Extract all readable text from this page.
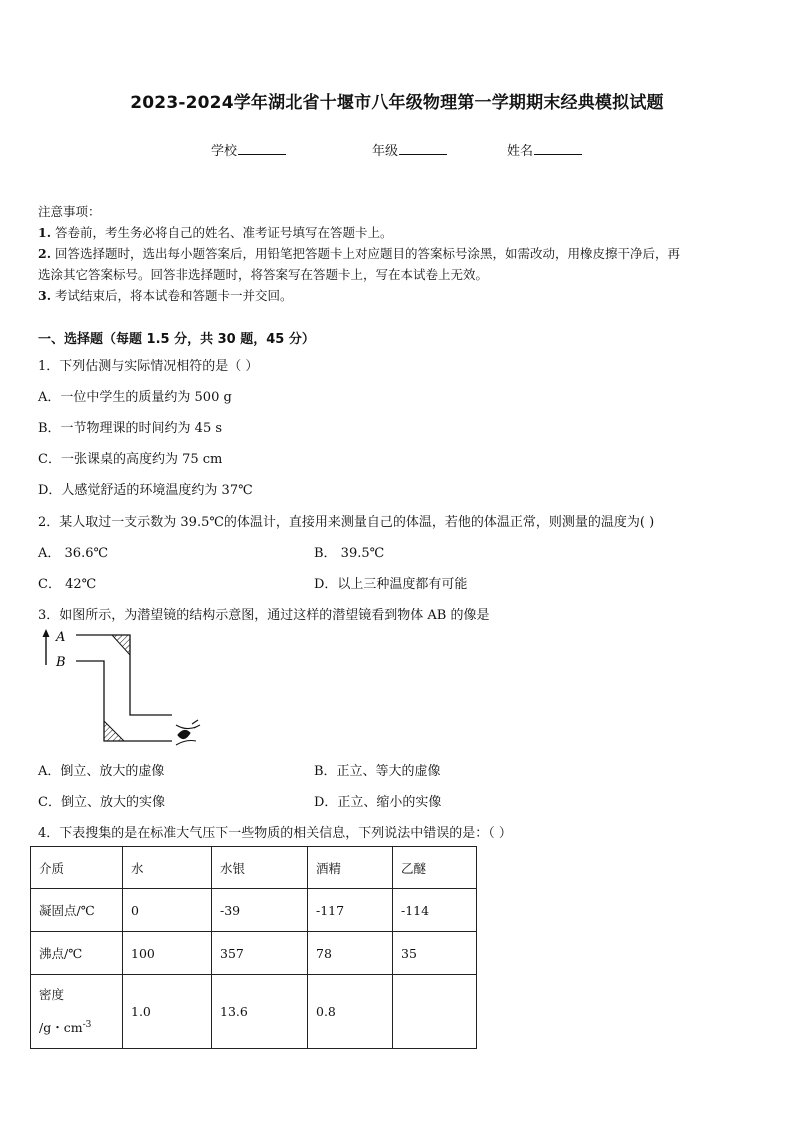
2023-2024学年湖北省十堰市八年级物理第一学期期末经典模拟试题
学校	年级	姓名
注意事项：
1. 答卷前，考生务必将自己的姓名、准考证号填写在答题卡上。
2. 回答选择题时，选出每小题答案后，用铅笔把答题卡上对应题目的答案标号涂黑，如需改动，用橡皮擦干净后，再
选涂其它答案标号。回答非选择题时，将答案写在答题卡上，写在本试卷上无效。
3. 考试结束后，将本试卷和答题卡一并交回。
一、选择题（每题 1.5 分，共 30 题，45 分）
1．下列估测与实际情况相符的是（ ）
A．一位中学生的质量约为 500 g
B．一节物理课的时间约为 45 s
C．一张课桌的高度约为 75 cm
D．人感觉舒适的环境温度约为 37℃
2．某人取过一支示数为 39.5℃的体温计，直接用来测量自己的体温，若他的体温正常，则测量的温度为( )
A． 36.6℃	B． 39.5℃
C． 42℃	D．以上三种温度都有可能
3．如图所示，为潜望镜的结构示意图，通过这样的潜望镜看到物体 AB 的像是
A
B
A．倒立、放大的虚像	B．正立、等大的虚像
C．倒立、放大的实像	D．正立、缩小的实像
4．下表搜集的是在标准大气压下一些物质的相关信息，下列说法中错误的是：（ ）
介质	水	水银	酒精	乙醚
凝固点/℃	0	-39	-117	-114
沸点/℃	100	357	78	35

密度
/g・$cm^{-3}$	1.0	13.6	0.8	
